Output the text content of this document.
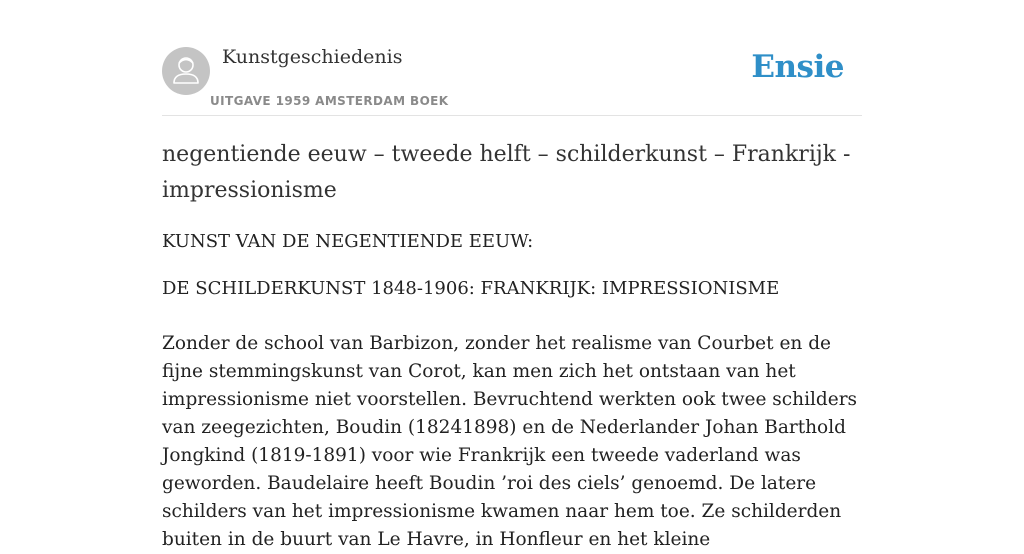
Kunstgeschiedenis
UITGAVE 1959 AMSTERDAM BOEK
Ensie
negentiende eeuw – tweede helft – schilderkunst – Frankrijk - impressionisme

KUNST VAN DE NEGENTIENDE EEUW:

DE SCHILDERKUNST 1848-1906: FRANKRIJK: IMPRESSIONISME

Zonder de school van Barbizon, zonder het realisme van Courbet en de fijne stemmingskunst van Corot, kan men zich het ontstaan van het impressionisme niet voorstellen. Bevruchtend werkten ook twee schilders van zeegezichten, Boudin (18241898) en de Nederlander Johan Barthold Jongkind (1819-1891) voor wie Frankrijk een tweede vaderland was geworden. Baudelaire heeft Boudin ’roi des ciels’ genoemd. De latere schilders van het impressionisme kwamen naar hem toe. Ze schilderden buiten in de buurt van Le Havre, in Honfleur en het kleine
